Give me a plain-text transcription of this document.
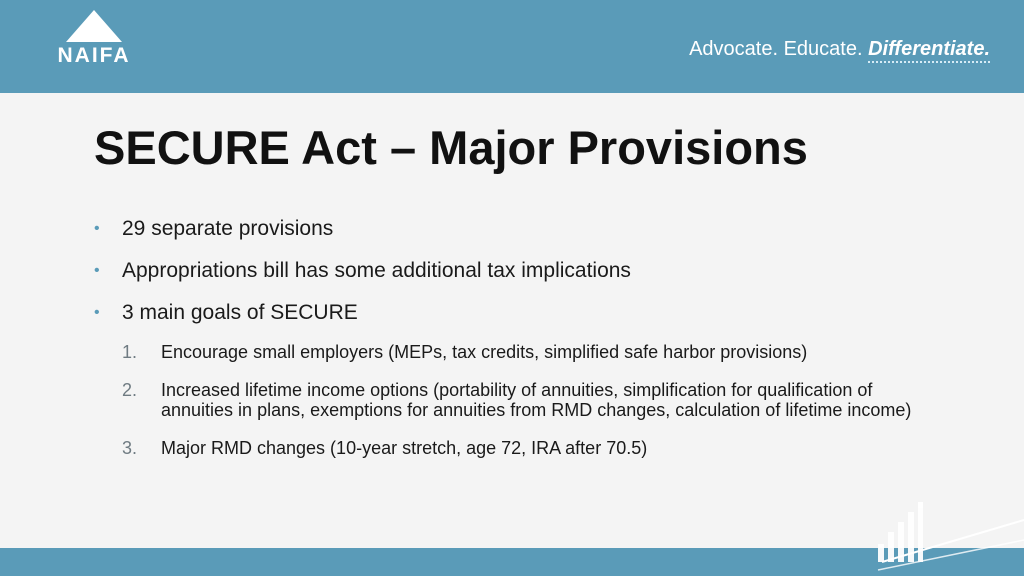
NAIFA	Advocate. Educate. Differentiate.
SECURE Act – Major Provisions
• 29 separate provisions
• Appropriations bill has some additional tax implications
• 3 main goals of SECURE
1. Encourage small employers (MEPs, tax credits, simplified safe harbor provisions)
2. Increased lifetime income options (portability of annuities, simplification for qualification of annuities in plans, exemptions for annuities from RMD changes, calculation of lifetime income)
3. Major RMD changes (10-year stretch, age 72, IRA after 70.5)
